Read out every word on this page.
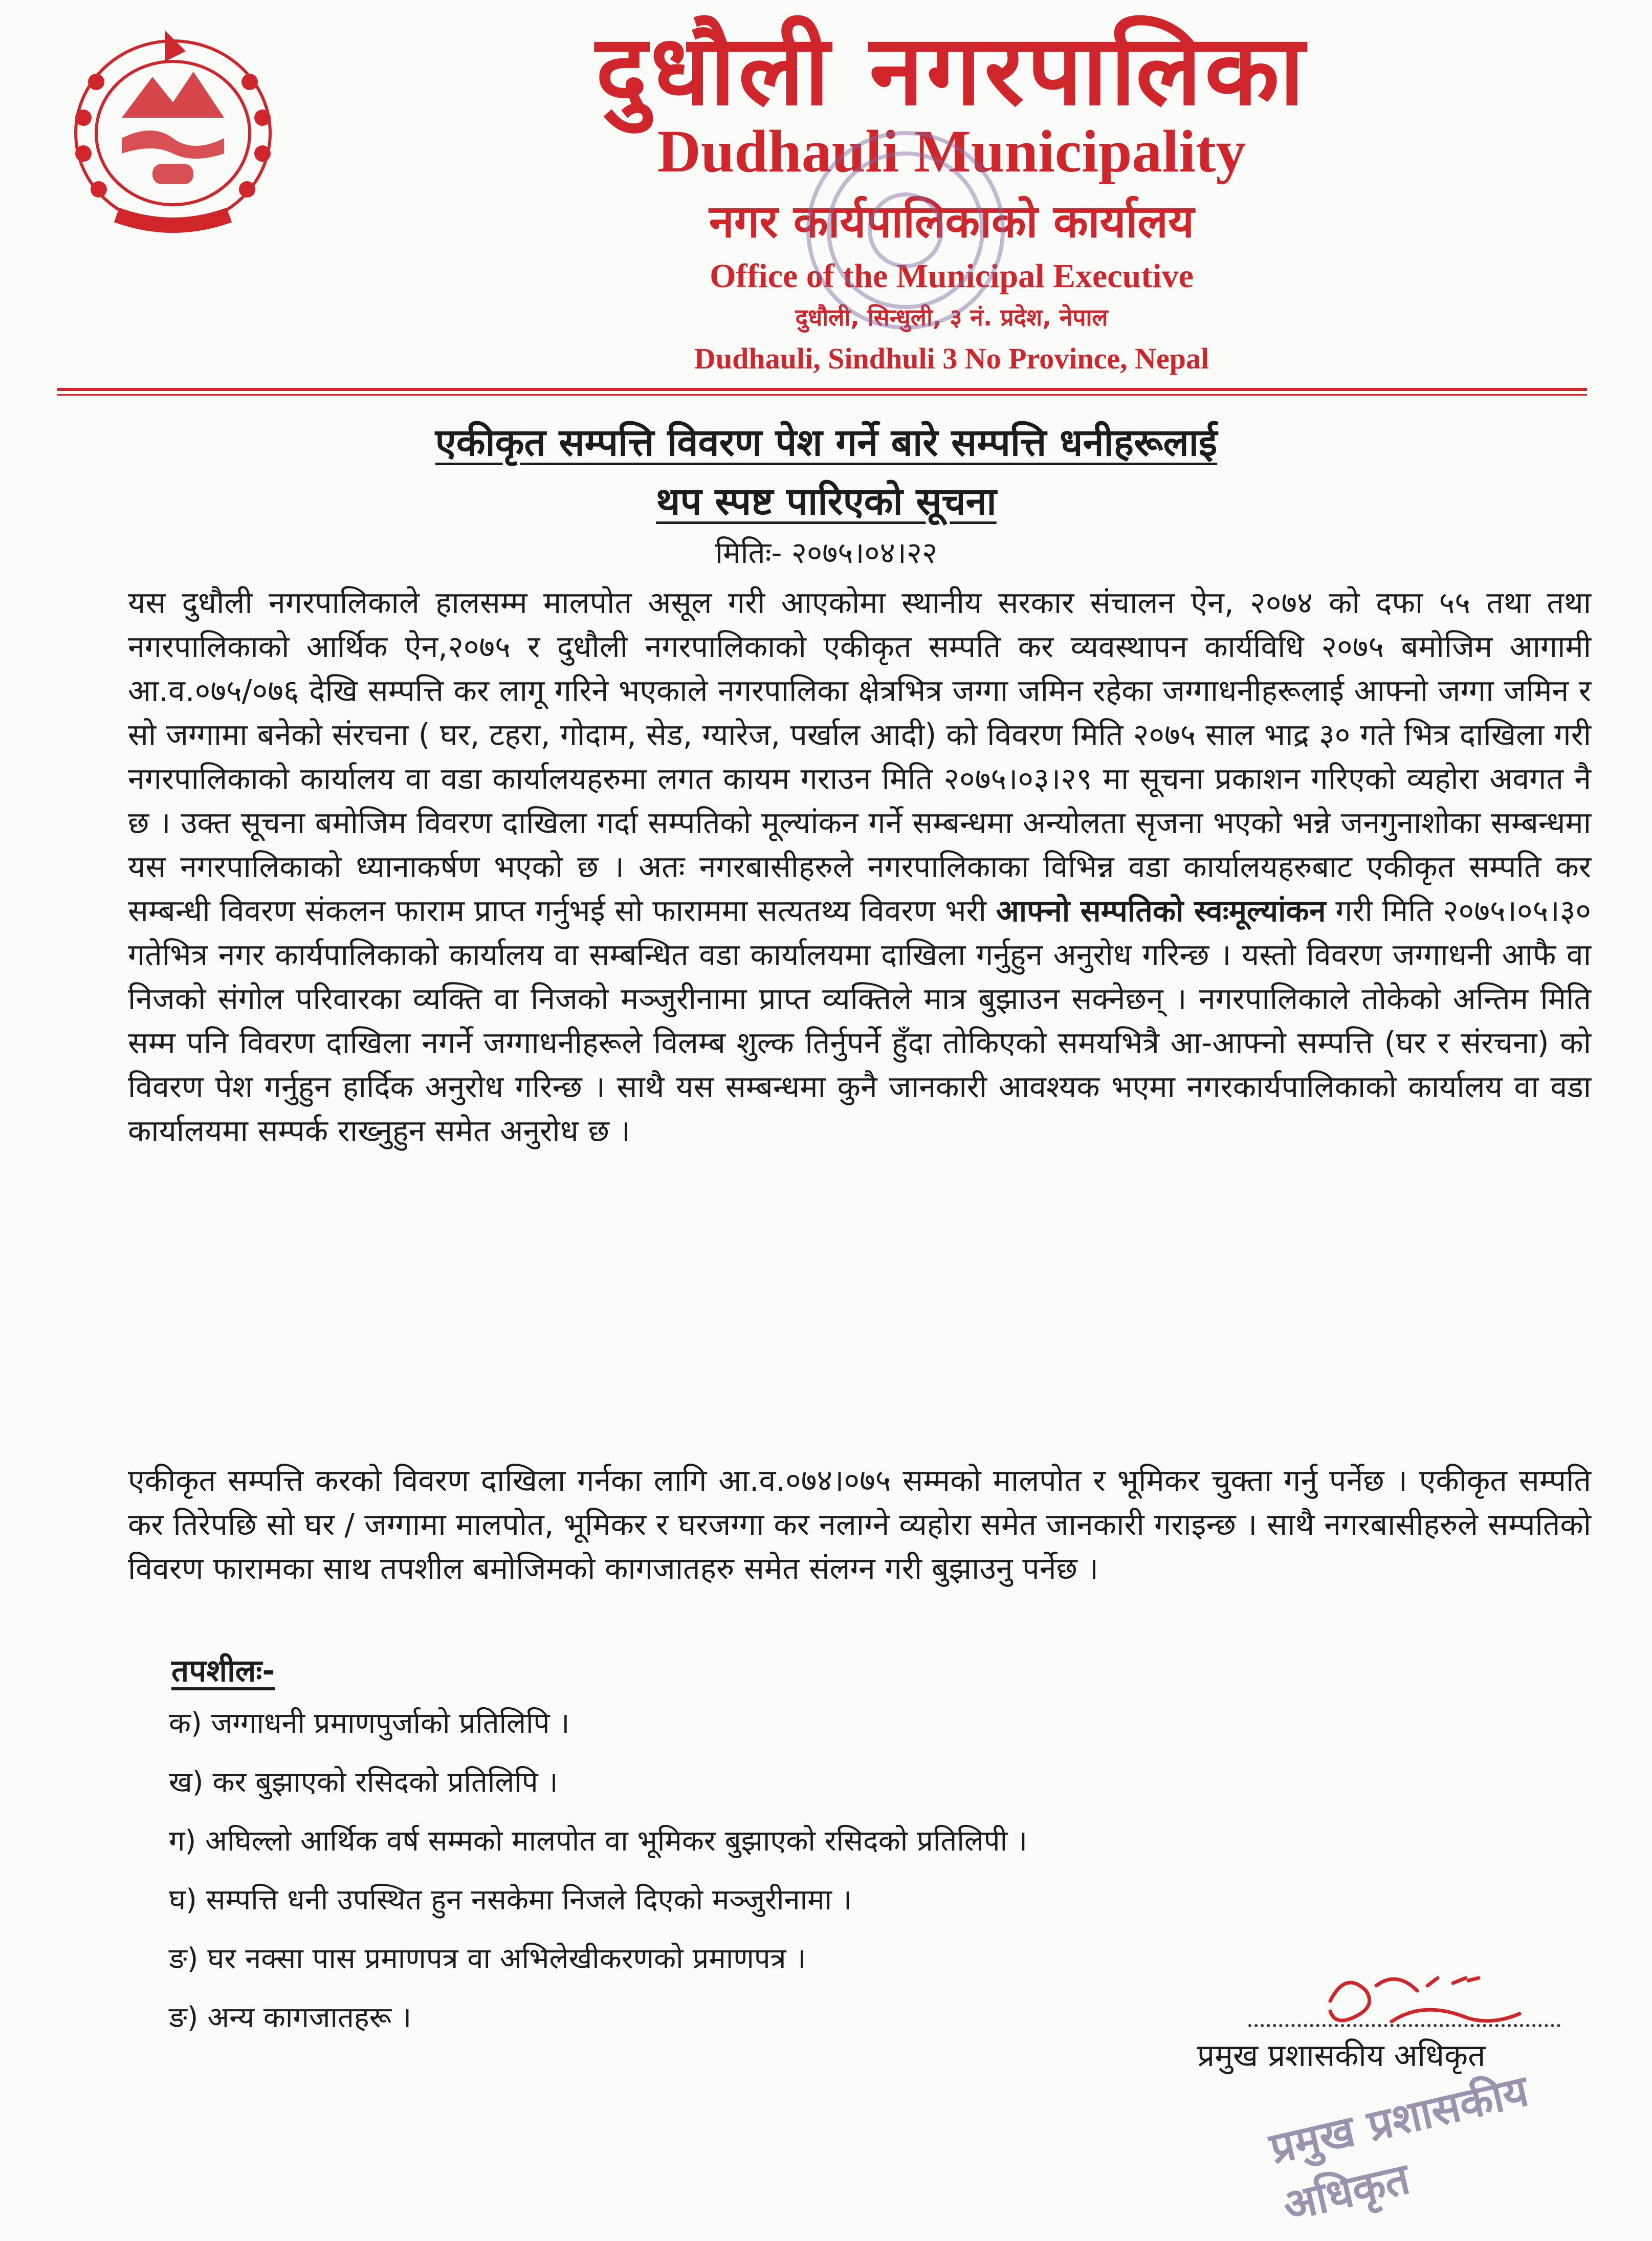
दुधौली नगरपालिका
Dudhauli Municipality
नगर कार्यपालिकाको कार्यालय
Office of the Municipal Executive
दुधौली, सिन्धुली, ३ नं. प्रदेश, नेपाल
Dudhauli, Sindhuli 3 No Province, Nepal
एकीकृत सम्पत्ति विवरण पेश गर्ने बारे सम्पत्ति धनीहरूलाई
थप स्पष्ट पारिएको सूचना
मितिः- २०७५।०४।२२
यस दुधौली नगरपालिकाले हालसम्म मालपोत असूल गरी आएकोमा स्थानीय सरकार संचालन ऐन, २०७४ को दफा ५५ तथा तथा नगरपालिकाको आर्थिक ऐन,२०७५ र दुधौली नगरपालिकाको एकीकृत सम्पति कर व्यवस्थापन कार्यविधि २०७५ बमोजिम आगामी आ.व.०७५/०७६ देखि सम्पत्ति कर लागू गरिने भएकाले नगरपालिका क्षेत्रभित्र जग्गा जमिन रहेका जग्गाधनीहरूलाई आफ्नो जग्गा जमिन र सो जग्गामा बनेको संरचना ( घर, टहरा, गोदाम, सेड, ग्यारेज, पर्खाल आदी) को विवरण मिति २०७५ साल भाद्र ३० गते भित्र दाखिला गरी नगरपालिकाको कार्यालय वा वडा कार्यालयहरुमा लगत कायम गराउन मिति २०७५।०३।२९ मा सूचना प्रकाशन गरिएको व्यहोरा अवगत नै छ । उक्त सूचना बमोजिम विवरण दाखिला गर्दा सम्पतिको मूल्यांकन गर्ने सम्बन्धमा अन्योलता सृजना भएको भन्ने जनगुनाशोका सम्बन्धमा यस नगरपालिकाको ध्यानाकर्षण भएको छ । अतः नगरबासीहरुले नगरपालिकाका विभिन्न वडा कार्यालयहरुबाट एकीकृत सम्पति कर सम्बन्धी विवरण संकलन फाराम प्राप्त गर्नुभई सो फाराममा सत्यतथ्य विवरण भरी आफ्नो सम्पतिको स्वःमूल्यांकन गरी मिति २०७५।०५।३० गतेभित्र नगर कार्यपालिकाको कार्यालय वा सम्बन्धित वडा कार्यालयमा दाखिला गर्नुहुन अनुरोध गरिन्छ । यस्तो विवरण जग्गाधनी आफै वा निजको संगोल परिवारका व्यक्ति वा निजको मञ्जुरीनामा प्राप्त व्यक्तिले मात्र बुझाउन सक्नेछन् । नगरपालिकाले तोकेको अन्तिम मिति सम्म पनि विवरण दाखिला नगर्ने जग्गाधनीहरूले विलम्ब शुल्क तिर्नुपर्ने हुँदा तोकिएको समयभित्रै आ-आफ्नो सम्पत्ति (घर र संरचना) को विवरण पेश गर्नुहुन हार्दिक अनुरोध गरिन्छ । साथै यस सम्बन्धमा कुनै जानकारी आवश्यक भएमा नगरकार्यपालिकाको कार्यालय वा वडा कार्यालयमा सम्पर्क राख्नुहुन समेत अनुरोध छ ।
एकीकृत सम्पत्ति करको विवरण दाखिला गर्नका लागि आ.व.०७४।०७५ सम्मको मालपोत र भूमिकर चुक्ता गर्नु पर्नेछ । एकीकृत सम्पति कर तिरेपछि सो घर / जग्गामा मालपोत, भूमिकर र घरजग्गा कर नलाग्ने व्यहोरा समेत जानकारी गराइन्छ । साथै नगरबासीहरुले सम्पतिको विवरण फारामका साथ तपशील बमोजिमको कागजातहरु समेत संलग्न गरी बुझाउनु पर्नेछ ।
तपशीलः-
क) जग्गाधनी प्रमाणपुर्जाको प्रतिलिपि ।
ख) कर बुझाएको रसिदको प्रतिलिपि ।
ग) अघिल्लो आर्थिक वर्ष सम्मको मालपोत वा भूमिकर बुझाएको रसिदको प्रतिलिपी ।
घ) सम्पत्ति धनी उपस्थित हुन नसकेमा निजले दिएको मञ्जुरीनामा ।
ङ) घर नक्सा पास प्रमाणपत्र वा अभिलेखीकरणको प्रमाणपत्र ।
ङ) अन्य कागजातहरू ।
प्रमुख प्रशासकीय अधिकृत
प्रमुख प्रशासकीय अधिकृत
